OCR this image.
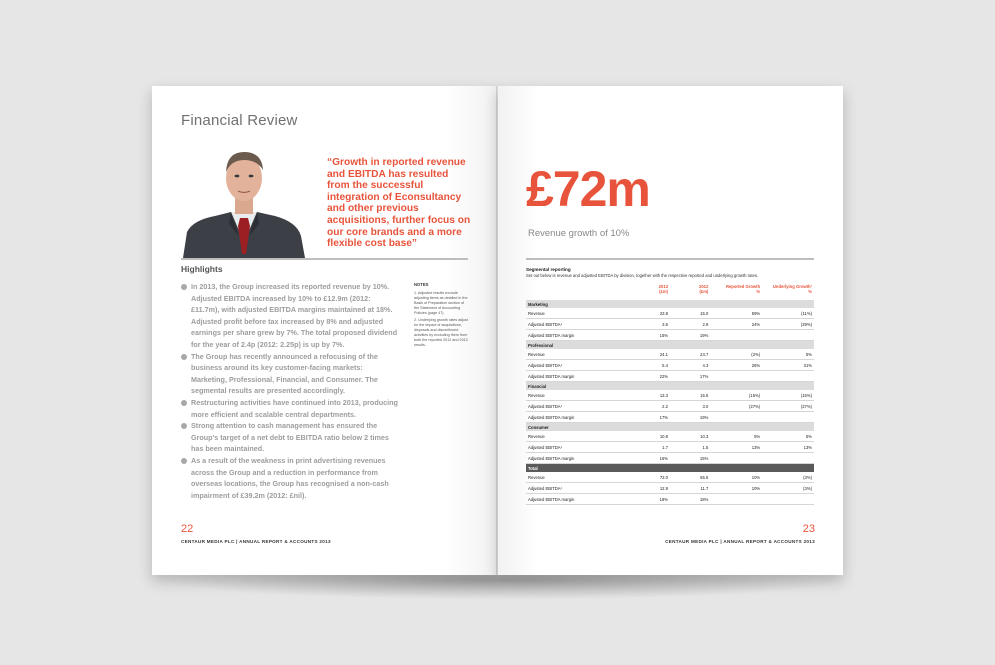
Financial Review
“Growth in reported revenue and EBITDA has resulted from the successful integration of Econsultancy and other previous acquisitions, further focus on our core brands and a more flexible cost base”
Highlights
In 2013, the Group increased its reported revenue by 10%. Adjusted EBITDA increased by 10% to £12.9m (2012: £11.7m), with adjusted EBITDA margins maintained at 18%. Adjusted profit before tax increased by 8% and adjusted earnings per share grew by 7%. The total proposed dividend for the year of 2.4p (2012: 2.25p) is up by 7%.
The Group has recently announced a refocusing of the business around its key customer-facing markets: Marketing, Professional, Financial, and Consumer. The segmental results are presented accordingly.
Restructuring activities have continued into 2013, producing more efficient and scalable central departments.
Strong attention to cash management has ensured the Group's target of a net debt to EBITDA ratio below 2 times has been maintained.
As a result of the weakness in print advertising revenues across the Group and a reduction in performance from overseas locations, the Group has recognised a non-cash impairment of £39.2m (2012: £nil).
NOTES
1. Adjusted results exclude adjusting items as detailed in the Basis of Preparation section of the Statement of Accounting Policies (page 47).
2. Underlying growth rates adjust for the impact of acquisitions, disposals and discontinued activities by excluding them from both the reported 2012 and 2013 results.
22
CENTAUR MEDIA PLC | ANNUAL REPORT & ACCOUNTS 2013
£72m
Revenue growth of 10%
Segmental reporting
Set out below is revenue and adjusted EBITDA by division, together with the respective reported and underlying growth rates.

	2013
(£m)	2012
(£m)	Reported Growth
%	Underlying Growth²
%

Marketing				
Revenue	23.8	15.0	59%	(11%)
Adjusted EBITDA¹	3.6	2.9	24%	(29%)
Adjusted EBITDA margin	15%	19%		
Professional				
Revenue	24.1	24.7	(2%)	5%
Adjusted EBITDA¹	5.4	4.3	26%	31%
Adjusted EBITDA margin	22%	17%		
Financial				
Revenue	13.3	15.6	(15%)	(15%)
Adjusted EBITDA¹	2.2	3.0	(27%)	(27%)
Adjusted EBITDA margin	17%	19%		
Consumer				
Revenue	10.8	10.3	5%	5%
Adjusted EBITDA¹	1.7	1.5	13%	13%
Adjusted EBITDA margin	16%	15%		
Total				
Revenue	72.0	65.6	10%	(3%)
Adjusted EBITDA¹	12.9	11.7	10%	(3%)
Adjusted EBITDA margin	18%	18%		
23
CENTAUR MEDIA PLC | ANNUAL REPORT & ACCOUNTS 2013
